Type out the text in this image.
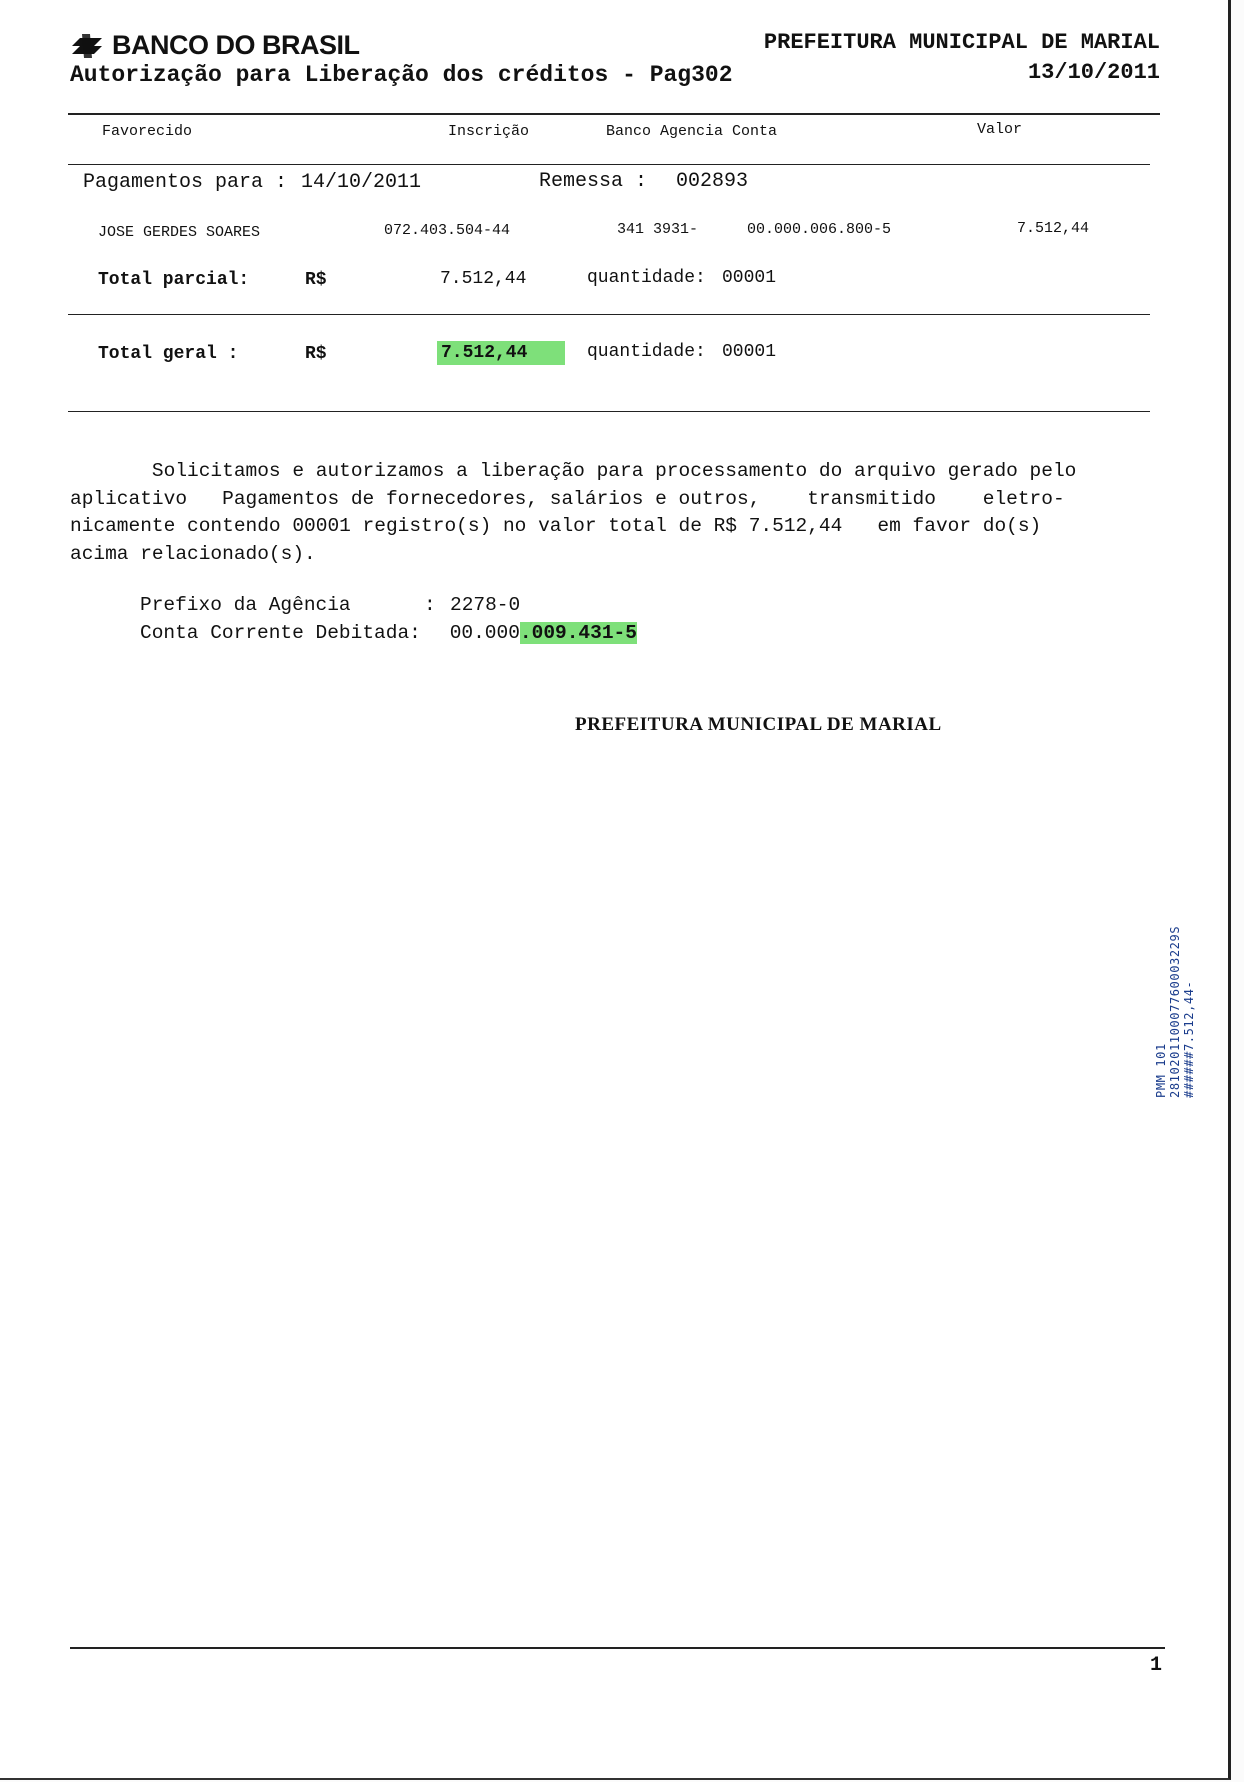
BANCO DO BRASIL
Autorização para Liberação dos créditos - Pag302
PREFEITURA MUNICIPAL DE MARIAL
13/10/2011
Favorecido	Inscrição	Banco Agencia Conta	Valor
Pagamentos para : 14/10/2011	Remessa : 002893
JOSE GERDES SOARES	072.403.504-44	341 3931-	00.000.006.800-5	7.512,44
Total parcial:	R$	7.512,44	quantidade: 00001
Total geral :	R$	7.512,44	quantidade: 00001
Solicitamos e autorizamos a liberação para processamento do arquivo gerado pelo
aplicativo   Pagamentos de fornecedores, salários e outros,    transmitido    eletro-
nicamente contendo 00001 registro(s) no valor total de R$ 7.512,44   em favor do(s)
acima relacionado(s).
Prefixo da Agência	: 2278-0
Conta Corrente Debitada: 00.000.009.431-5
PREFEITURA MUNICIPAL DE MARIAL
PMM 101 281020110007760003229S ######7.512,44-
1
